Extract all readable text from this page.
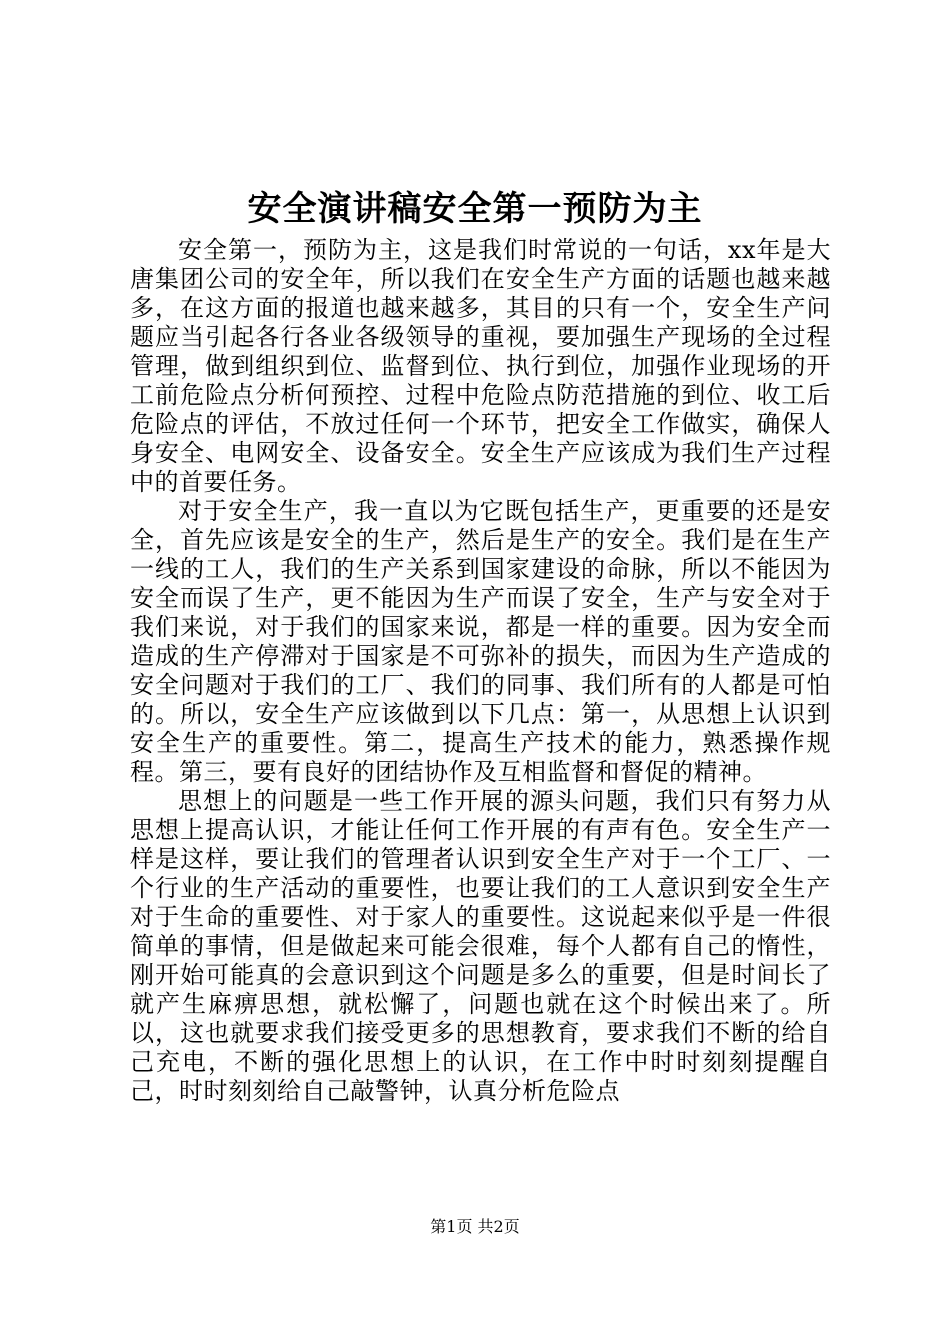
安全演讲稿安全第一预防为主

安全第一，预防为主，这是我们时常说的一句话，xx年是大唐集团公司的安全年，所以我们在安全生产方面的话题也越来越多，在这方面的报道也越来越多，其目的只有一个，安全生产问题应当引起各行各业各级领导的重视，要加强生产现场的全过程管理，做到组织到位、监督到位、执行到位，加强作业现场的开工前危险点分析何预控、过程中危险点防范措施的到位、收工后危险点的评估，不放过任何一个环节，把安全工作做实，确保人身安全、电网安全、设备安全。安全生产应该成为我们生产过程中的首要任务。

对于安全生产，我一直以为它既包括生产，更重要的还是安全，首先应该是安全的生产，然后是生产的安全。我们是在生产一线的工人，我们的生产关系到国家建设的命脉，所以不能因为安全而误了生产，更不能因为生产而误了安全，生产与安全对于我们来说，对于我们的国家来说，都是一样的重要。因为安全而造成的生产停滞对于国家是不可弥补的损失，而因为生产造成的安全问题对于我们的工厂、我们的同事、我们所有的人都是可怕的。所以，安全生产应该做到以下几点：第一，从思想上认识到安全生产的重要性。第二，提高生产技术的能力，熟悉操作规程。第三，要有良好的团结协作及互相监督和督促的精神。

思想上的问题是一些工作开展的源头问题，我们只有努力从思想上提高认识，才能让任何工作开展的有声有色。安全生产一样是这样，要让我们的管理者认识到安全生产对于一个工厂、一个行业的生产活动的重要性，也要让我们的工人意识到安全生产对于生命的重要性、对于家人的重要性。这说起来似乎是一件很简单的事情，但是做起来可能会很难，每个人都有自己的惰性，刚开始可能真的会意识到这个问题是多么的重要，但是时间长了就产生麻痹思想，就松懈了，问题也就在这个时候出来了。所以，这也就要求我们接受更多的思想教育，要求我们不断的给自己充电，不断的强化思想上的认识，在工作中时时刻刻提醒自己，时时刻刻给自己敲警钟，认真分析危险点

第1页 共2页
